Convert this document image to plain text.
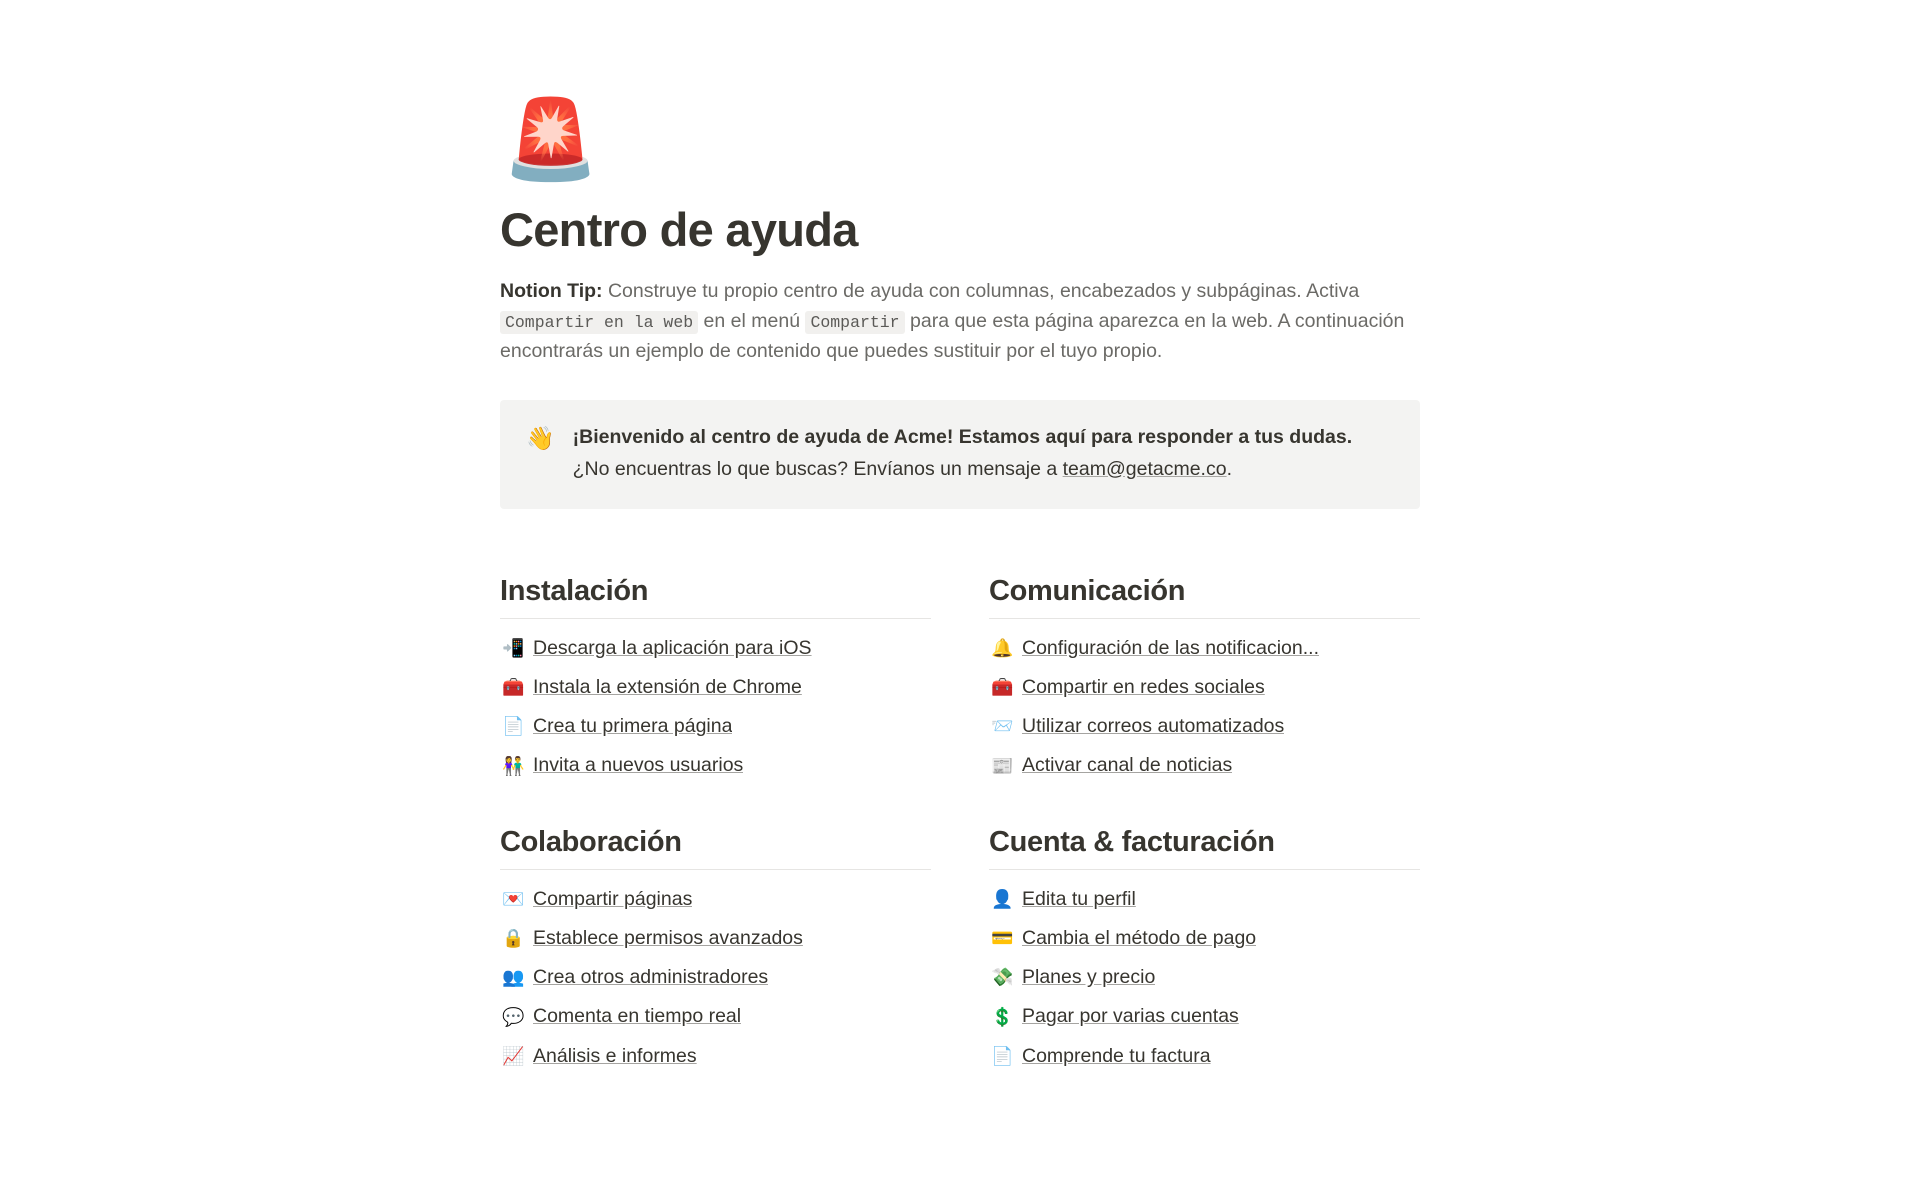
🚨
Centro de ayuda

Notion Tip: Construye tu propio centro de ayuda con columnas, encabezados y subpáginas. Activa Compartir en la web en el menú Compartir para que esta página aparezca en la web. A continuación encontrarás un ejemplo de contenido que puedes sustituir por el tuyo propio.

👋 ¡Bienvenido al centro de ayuda de Acme! Estamos aquí para responder a tus dudas.
¿No encuentras lo que buscas? Envíanos un mensaje a team@getacme.co.
Instalación
📲 Descarga la aplicación para iOS
🧰 Instala la extensión de Chrome
📄 Crea tu primera página
👫 Invita a nuevos usuarios
Comunicación
🔔 Configuración de las notificacion...
🧰 Compartir en redes sociales
📨 Utilizar correos automatizados
📰 Activar canal de noticias
Colaboración
💌 Compartir páginas
🔒 Establece permisos avanzados
👥 Crea otros administradores
💬 Comenta en tiempo real
📈 Análisis e informes
Cuenta & facturación
👤 Edita tu perfil
💳 Cambia el método de pago
💸 Planes y precio
💲 Pagar por varias cuentas
📄 Comprende tu factura
